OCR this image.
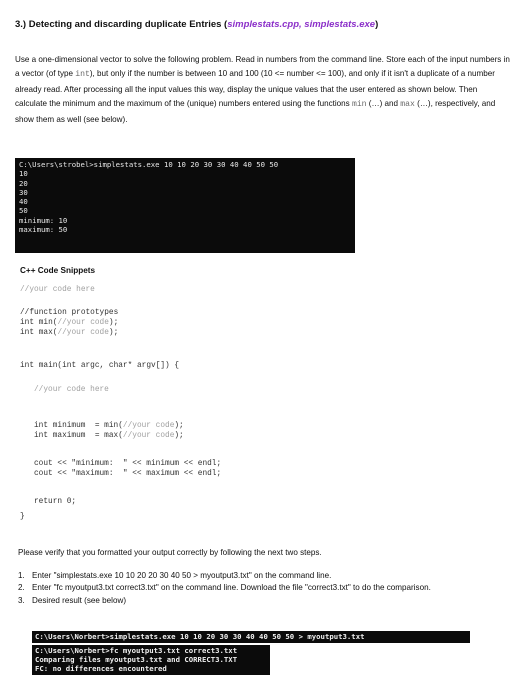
3.) Detecting and discarding duplicate Entries (simplestats.cpp, simplestats.exe)
Use a one-dimensional vector to solve the following problem. Read in numbers from the command line. Store each of the input numbers in a vector (of type int), but only if the number is between 10 and 100 (10 <= number <= 100), and only if it isn't a duplicate of a number already read. After processing all the input values this way, display the unique values that the user entered as shown below. Then calculate the minimum and the maximum of the (unique) numbers entered using the functions min (…) and max (…), respectively, and show them as well (see below).
C:\Users\strobel>simplestats.exe 10 10 20 30 30 40 40 50 50
10
20
30
40
50
minimum: 10
maximum: 50
C++ Code Snippets
//your code here
//function prototypes
int min(//your code);
int max(//your code);
int main(int argc, char* argv[]) {
//your code here
int minimum  = min(//your code);
int maximum  = max(//your code);
cout << "minimum:  " << minimum << endl;
cout << "maximum:  " << maximum << endl;
return 0;
}
Please verify that you formatted your output correctly by following the next two steps.
1. Enter "simplestats.exe 10 10 20 20 30 40 50 > myoutput3.txt" on the command line.
2. Enter "fc myoutput3.txt correct3.txt" on the command line. Download the file "correct3.txt" to do the comparison.
3. Desired result (see below)
C:\Users\Norbert>simplestats.exe 10 10 20 30 30 40 40 50 50 > myoutput3.txt
C:\Users\Norbert>fc myoutput3.txt correct3.txt
Comparing files myoutput3.txt and CORRECT3.TXT
FC: no differences encountered
